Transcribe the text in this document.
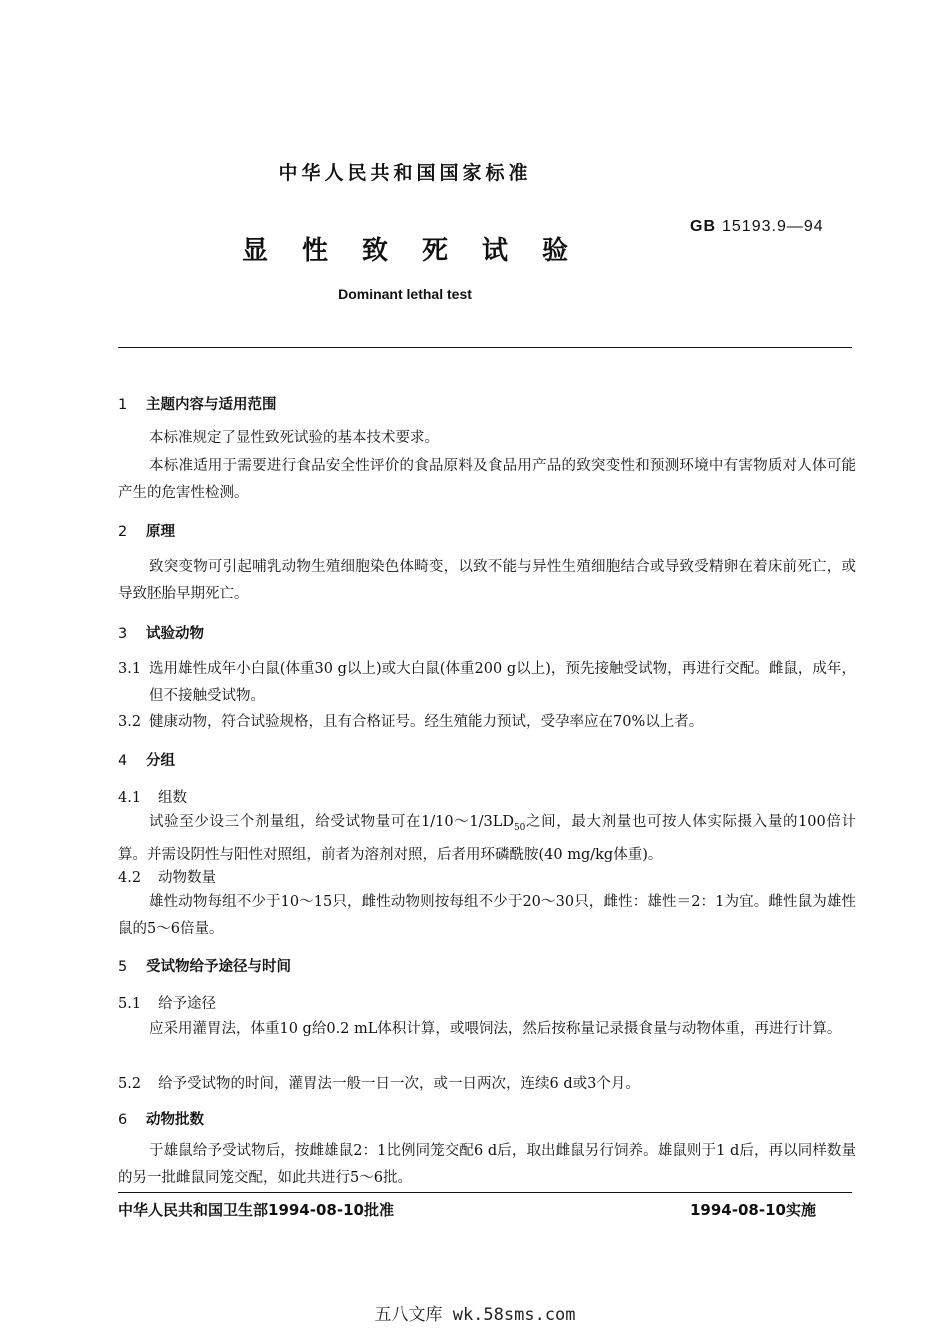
中华人民共和国国家标准
GB 15193.9—94
显性致死试验
Dominant lethal test
1 主题内容与适用范围
本标准规定了显性致死试验的基本技术要求。
本标准适用于需要进行食品安全性评价的食品原料及食品用产品的致突变性和预测环境中有害物质对人体可能产生的危害性检测。
2 原理
致突变物可引起哺乳动物生殖细胞染色体畸变，以致不能与异性生殖细胞结合或导致受精卵在着床前死亡，或导致胚胎早期死亡。
3 试验动物
3.1 选用雄性成年小白鼠(体重30 g以上)或大白鼠(体重200 g以上)，预先接触受试物，再进行交配。雌鼠，成年，但不接触受试物。
3.2 健康动物，符合试验规格，且有合格证号。经生殖能力预试，受孕率应在70%以上者。
4 分组
4.1 组数
试验至少设三个剂量组，给受试物量可在$1/10\sim 1/3LD_{50}$之间，最大剂量也可按人体实际摄入量的100倍计算。并需设阴性与阳性对照组，前者为溶剂对照，后者用环磷酰胺(40 mg/kg体重)。
4.2 动物数量
雄性动物每组不少于10～15只，雌性动物则按每组不少于20～30只，雌性：雄性＝2：1为宜。雌性鼠为雄性鼠的5～6倍量。
5 受试物给予途径与时间
5.1 给予途径
应采用灌胃法，体重10 g给0.2 mL体积计算，或喂饲法，然后按称量记录摄食量与动物体重，再进行计算。
5.2 给予受试物的时间，灌胃法一般一日一次，或一日两次，连续6 d或3个月。
6 动物批数
于雄鼠给予受试物后，按雌雄鼠2：1比例同笼交配6 d后，取出雌鼠另行饲养。雄鼠则于1 d后，再以同样数量的另一批雌鼠同笼交配，如此共进行5～6批。
中华人民共和国卫生部1994-08-10批准	1994-08-10实施
五八文库 wk.58sms.com
